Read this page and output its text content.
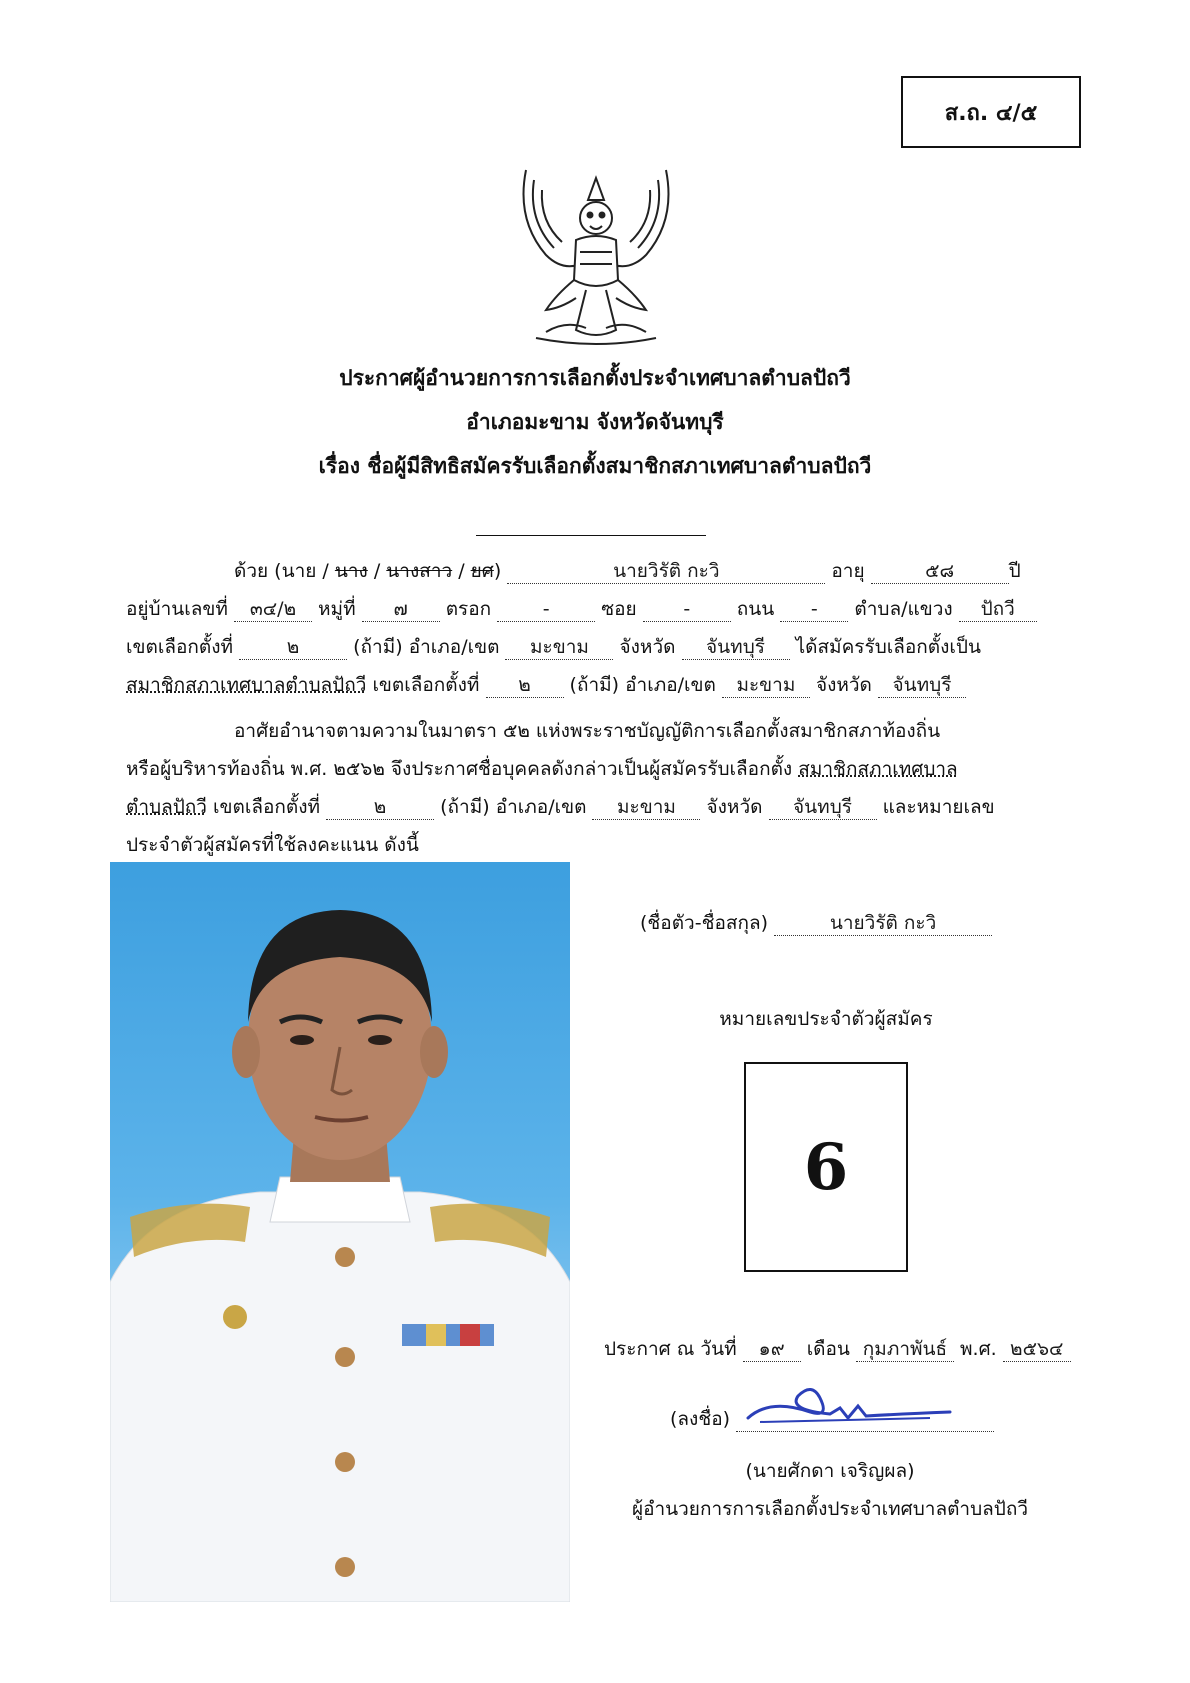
ส.ถ. ๔/๕
ประกาศผู้อำนวยการการเลือกตั้งประจำเทศบาลตำบลปัถวี
อำเภอมะขาม จังหวัดจันทบุรี
เรื่อง ชื่อผู้มีสิทธิสมัครรับเลือกตั้งสมาชิกสภาเทศบาลตำบลปัถวี
ด้วย (นาย / นาง / นางสาว / ยศ)	นายวิรัติ กะวิ	อายุ	๕๘	ปี
อยู่บ้านเลขที่ ๓๔/๒ หมู่ที่ ๗ ตรอก	-	ซอย - ถนน - ตำบล/แขวง ปัถวี
เขตเลือกตั้งที่	๒	(ถ้ามี) อำเภอ/เขต มะขาม จังหวัด จันทบุรี ได้สมัครรับเลือกตั้งเป็น
สมาชิกสภาเทศบาลตำบลปัถวี เขตเลือกตั้งที่ ๒ (ถ้ามี) อำเภอ/เขต มะขาม จังหวัด จันทบุรี
อาศัยอำนาจตามความในมาตรา ๕๒ แห่งพระราชบัญญัติการเลือกตั้งสมาชิกสภาท้องถิ่น
หรือผู้บริหารท้องถิ่น พ.ศ. ๒๕๖๒ จึงประกาศชื่อบุคคลดังกล่าวเป็นผู้สมัครรับเลือกตั้ง สมาชิกสภาเทศบาล
ตำบลปัถวี เขตเลือกตั้งที่	๒	(ถ้ามี) อำเภอ/เขต มะขาม จังหวัด จันทบุรี และหมายเลข
ประจำตัวผู้สมัครที่ใช้ลงคะแนน ดังนี้
(ชื่อตัว-ชื่อสกุล)	นายวิรัติ กะวิ
หมายเลขประจำตัวผู้สมัคร
6
ประกาศ ณ วันที่ ๑๙ เดือน กุมภาพันธ์ พ.ศ. ๒๕๖๔
(ลงชื่อ)
(นายศักดา เจริญผล)
ผู้อำนวยการการเลือกตั้งประจำเทศบาลตำบลปัถวี
